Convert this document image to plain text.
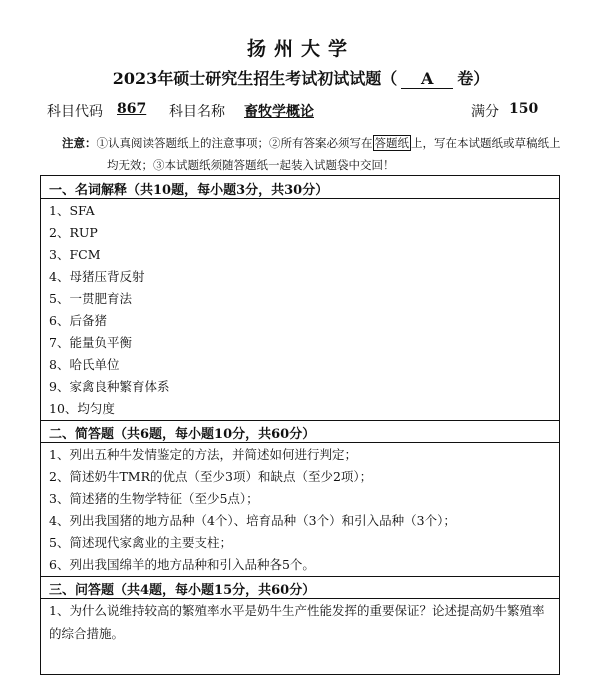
扬州大学
2023年硕士研究生招生考试初试试题（ A 卷）
科目代码 867 科目名称 畜牧学概论	满分 150
注意：①认真阅读答题纸上的注意事项；②所有答案必须写在 答题纸 上，写在本试题纸或草稿纸上
均无效；③本试题纸须随答题纸一起装入试题袋中交回！
一、名词解释（共10题，每小题3分，共30分）
1、SFA
2、RUP
3、FCM
4、母猪压背反射
5、一贯肥育法
6、后备猪
7、能量负平衡
8、哈氏单位
9、家禽良种繁育体系
10、均匀度
二、简答题（共6题，每小题10分，共60分）
1、列出五种牛发情鉴定的方法，并简述如何进行判定；
2、简述奶牛TMR的优点（至少3项）和缺点（至少2项）；
3、简述猪的生物学特征（至少5点）；
4、列出我国猪的地方品种（4个）、培育品种（3个）和引入品种（3个）；
5、简述现代家禽业的主要支柱；
6、列出我国绵羊的地方品种和引入品种各5个。
三、问答题（共4题，每小题15分，共60分）
1、为什么说维持较高的繁殖率水平是奶牛生产性能发挥的重要保证？论述提高奶牛繁殖率的综合措施。
